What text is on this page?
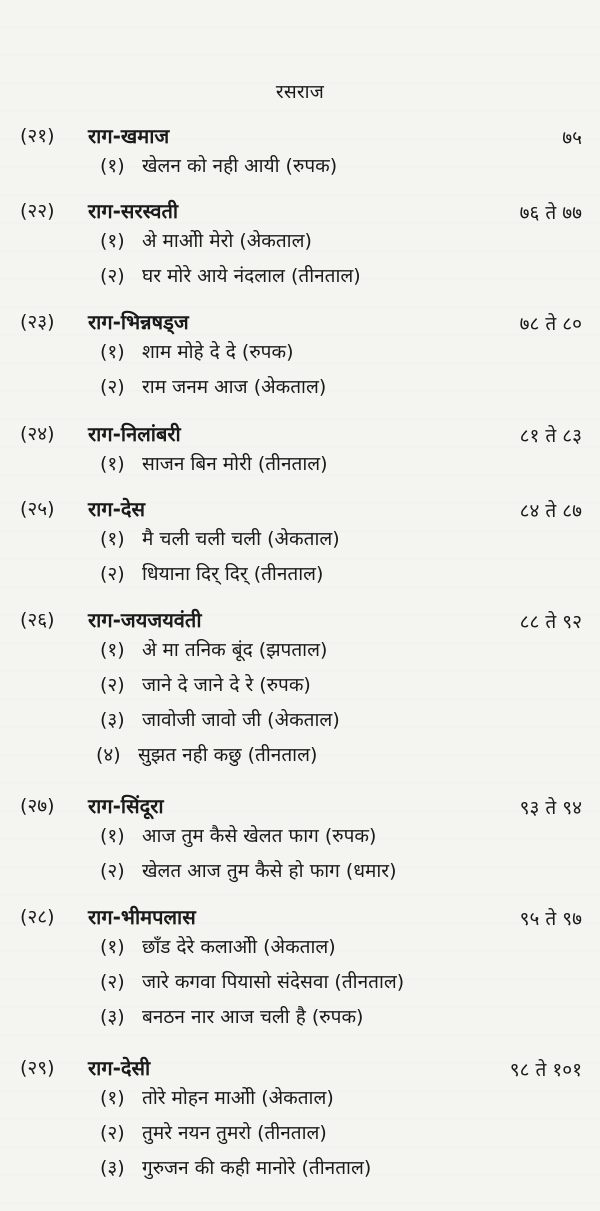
रसराज
(२१) राग-खमाज	७५
(१) खेलन को नही आयी (रुपक)
(२२) राग-सरस्वती	७६ ते ७७
(१) अे माओी मेरो (अेकताल)
(२) घर मोरे आये नंदलाल (तीनताल)
(२३) राग-भिन्नषड्ज	७८ ते ८०
(१) शाम मोहे दे दे (रुपक)
(२) राम जनम आज (अेकताल)
(२४) राग-निलांबरी	८१ ते ८३
(१) साजन बिन मोरी (तीनताल)
(२५) राग-देस	८४ ते ८७
(१) मै चली चली चली (अेकताल)
(२) धियाना दिर् दिर् (तीनताल)
(२६) राग-जयजयवंती	८८ ते ९२
(१) अे मा तनिक बूंद (झपताल)
(२) जाने दे जाने दे रे (रुपक)
(३) जावोजी जावो जी (अेकताल)
(४) सुझत नही कछु (तीनताल)
(२७) राग-सिंदूरा	९३ ते ९४
(१) आज तुम कैसे खेलत फाग (रुपक)
(२) खेलत आज तुम कैसे हो फाग (धमार)
(२८) राग-भीमपलास	९५ ते ९७
(१) छाँड देरे कलाओी (अेकताल)
(२) जारे कगवा पियासो संदेसवा (तीनताल)
(३) बनठन नार आज चली है (रुपक)
(२९) राग-देसी	९८ ते १०१
(१) तोरे मोहन माओी (अेकताल)
(२) तुमरे नयन तुमरो (तीनताल)
(३) गुरुजन की कही मानोरे (तीनताल)
